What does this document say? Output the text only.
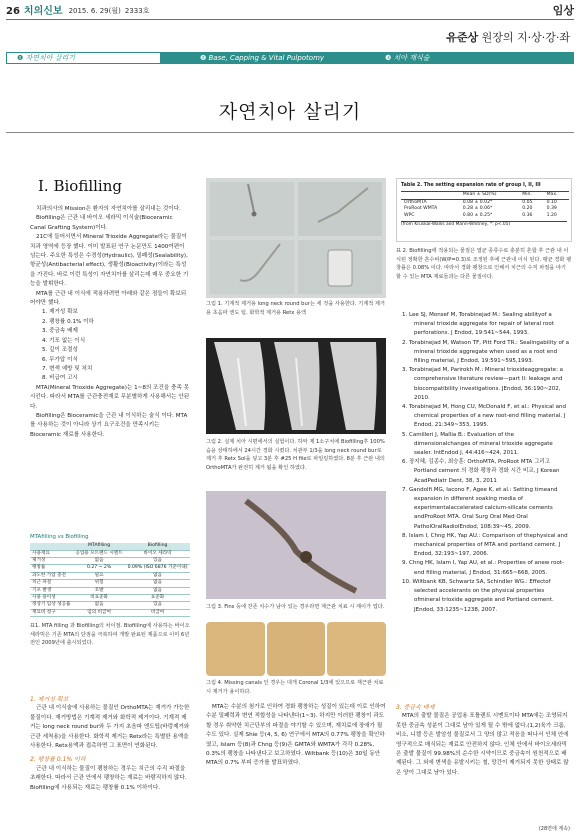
26 치의신보 2015. 6. 29(월) 2333호	임상
유준상 원장의 지·상·강·좌
❶ 자연치아 살리기	❷ Base, Capping & Vital Pulpotomy	❸ 치아 재식술
자연치아 살리기
I. Biofilling

치과의사의 Mission은 환자의 자연치아를 살리내는 것이다.

Biofilling은 근관 내 바이오 세라믹 이식술(Bioceramic Canal Grafting System)이다.

21C에 들어서면서 Mineral Trioxide Aggregate라는 물질이 치과 영역에 등장 했다. 이미 발표된 연구 논문만도 1400여편이 넘는다. 주요한 특성은 수경성(Hydraulic), 밀폐성(Sealability), 항균성(Antibacterial effect), 생활성(Bioactivity)이라는 특성을 가진다. 바로 이런 특성이 자연치아를 살리는데 매우 중요한 기능을 발휘한다.

MTA를 근관 내 이식에 적용하려면 아래와 같은 점들이 확보되어야만 했다.

1. 제거성 확보

2. 팽창률 0.1% 이하

3. 중금속 배제

4. 기포 없는 이식

5. 깊이 조절성

6. 무가압 이식

7. 변색 예방 및 처치

8. 비급여 고시

MTA(Mineral Trioxide Aggregate)는 1~8의 조건을 충족 못 시킨다. 따라서 MTA를 근관충전재로 무분별하게 사용해서는 안된다.

Biofilling은 Bioceramic을 근관 내 이식하는 술식 이다. MTA를 사용하는 것이 아니라 상기 요구조건을 만족시키는 Bioceramic 재료를 사용한다.

MTAfilling vs Biofilling
	MTAfilling	Biofilling
사용재료	공업용 포트랜드 시멘트	바이오 세라믹
제거성	없음	있음
팽창률	0.27 ~ 2%	0.09% (ISO 6876 기준이내)
과도한 가압 충전	필요	없음
치근 파절	위험	없음
기포 발생	호발	없음
사용 용이성	비표준화	표준화
정상기 임상 성공률	없음	있음
재료비 청구	임의 비급여	비급여
표1. MTA filling 과 Biofilling의 차이점. Biofilling에 사용하는 바이오세라믹은 기존 MTA의 단점을 극복하여 개발 완료된 제품으로 이미 6년 전인 2009년에 출시되었다.
1. 제거성 확보

근관 내 이식술에 사용하는 물질인 OrthoMTA는 재거가 가능한 물질이다. 재거방법은 기계적 제거와 화학적 제거이다. 기계적 제거는 long neck round bur와 두 가지 초음파 엔도팁(바렁제거와 근관 세척용)을 사용한다. 화학적 제거는 Retx라는 특별한 용액을 사용한다. Retx용액과 접촉하면 그 표면이 연화된다.

2. 팽창률 0.1% 이하

근관 내 이식하는 물질이 팽창하는 경우는 치근의 수직 파절을 초래한다. 따라서 근관 안에서 팽창하는 재료는 바람직하지 않다. Biofilling에 사용되는 재료는 팽창률 0.1% 이하이다.

그림 1. 기계적 제거용 long neck round bur는 세 것을 사용한다. 기계적 제거용 초음파 엔도 팁. 화학적 제거용 Retx 용액
그림 2. 실제 치아 시편에서의 실험이다. 하악 제 1소구치에 Biofilling후 100% 습윤 상태하에서 24시간 경화 시켰다. 치관부 1/3을 long neck round bur로 제거 후 Retx Sol을 넣고 3분 후 #25 H file로 파일링하였다. 8분 후 근관 내의 OrthoMTA가 완전히 제거 됨을 확인 하였다.
그림 3. Fins 등에 잔존 치수가 남아 있는 경우라면 제근관 치료 시 재이가 업다.
그림 4. Missing canals 인 경우는 대개 Coronal 1/3에 있으므로 재근관 치료 시 제거가 용이하다.

MTA는 수분의 첨가로 인하여 경화 팽창하는 성질이 있는데 이로 인하여 수분 밀폐력과 변연 적합성을 나타낸다(1~3). 하지만 이러한 팽창이 과도할 경우 취약한 치근단부의 파절을 야기할 수 있으며, 재치료에 장애가 될 수도 있다. 실제 Shie 등(4, 5, 6) 연구에서 MTA의 0.77% 팽창을 확인하였고, Islam 등(8)과 Chng 등(9)은 GMTA와 WMTA가 각각 0.28%, 0.3%의 팽창을 나타낸다고 보고하였다. Wiltbank 등(10)은 30일 동안 MTA의 0.7% 부피 증가를 발표하였다.

Table 2. The setting expansion rate of group I, II, III
	Mean ± SD(%)	Min.	Max.
OrthoMTA	0.08 ± 0.02*	0.05	0.10
ProRoot WMTA	0.28 ± 0.06*	0.20	0.39
WPC	0.80 ± 0.25*	0.36	1.20
(from Kruskal-Wallis and Mann-Whitney, *: p<.05)
표 2. Biofilling에 적용되는 물질은 열균 종류수로 충분히 흔합 후 근관 내 이식된 정확한 흔수비(W/P=0.3)로 조정된 후에 근관내 이식 된다. 팽균 경화 팽창률은 0.08% 이다. 따라서 경화 팽창으로 인해서 치근의 수직 파절을 야기 할 수 있는 MTA 재료들과는 다른 물질이다.
1. Lee SJ, Monsef M, Torabinejad M.: Sealing abilityof a mineral trioxide aggregate for repair of lateral root perforations. J Endod, 19:541~544, 1993.
2. Torabinejad M, Watson TF, Pitt Ford TR.: Sealingability of a mineral trioxide aggregate when used as a root end filling material, J Endod, 19:591~595,1993.
3. Torabinejad M, Parirokh M.: Mineral trioxideaggregate: a comprehensive literature review—part II: leakage and biocompatibility investigations. JEndod, 36:190~202, 2010.
4. Torabinejad M, Hong CU, McDonald F, et al.: Physical and chemical properties of a new root-end filling material. J Endod, 21:349~353, 1995.
5. Camilleri J, Mallia B.: Evaluation of the dimensionalchanges of mineral trioxide aggregate sealer. IntEndod J, 44:416~424, 2011.
6. 장지혜, 김종수, 최승훈: OrthoMTA, ProRoot MTA 그리고 Portland cement 의 경화 팽창과 경화 시간 비교, J Korean AcadPediatr Dent, 38, 3, 2011
7. Gandolfi MG, Iacono F, Agee K, et al.: Setting timeand expansion in different soaking media of experimentalaccelerated calcium-silicate cements andProRoot MTA. Oral Surg Oral Med Oral PatholOralRadiolEndod, 108:39~45, 2009.
8. Islam I, Chng HK, Yap AU.: Comparison of thephysical and mechanical properties of MTA and portland cement. J Endod, 32:193~197, 2006.
9. Chng HK, Islam I, Yap AU, et al.: Properties of anew root-end filling material, J Endod, 31:665~668, 2005.
10. Wiltbank KB, Schwartz SA, Schindler WG.: Effectof selected accelerants on the physical properties ofmineral trioxide aggregate and Portland cement. JEndod, 33:1235~1238, 2007.
3. 중금속 배제

MTA의 출발 물질은 공업용 포틀랜트 시멘트이다 MTA에는 조영되지 못한 중금속 성분이 그대로 남아 있게 될 수 밖에 없다.(1,2)육가 크롬, 비소, 니켈 등은 발암성 물질로서 그 양의 많고 적음을 떠나서 인체 안에 영구적으로 매식되는 재료로 안전하지 않다. 인체 안에서 바이오세라믹은 출발 물질이 99.98%의 순수한 시약이므로 중금속이 원천적으로 배제된다. 그 외에 변색을 유발시키는 철, 망간이 제거되지 못한 상태로 많은 양이 그대로 남아 있다.

(28면에 계속)
